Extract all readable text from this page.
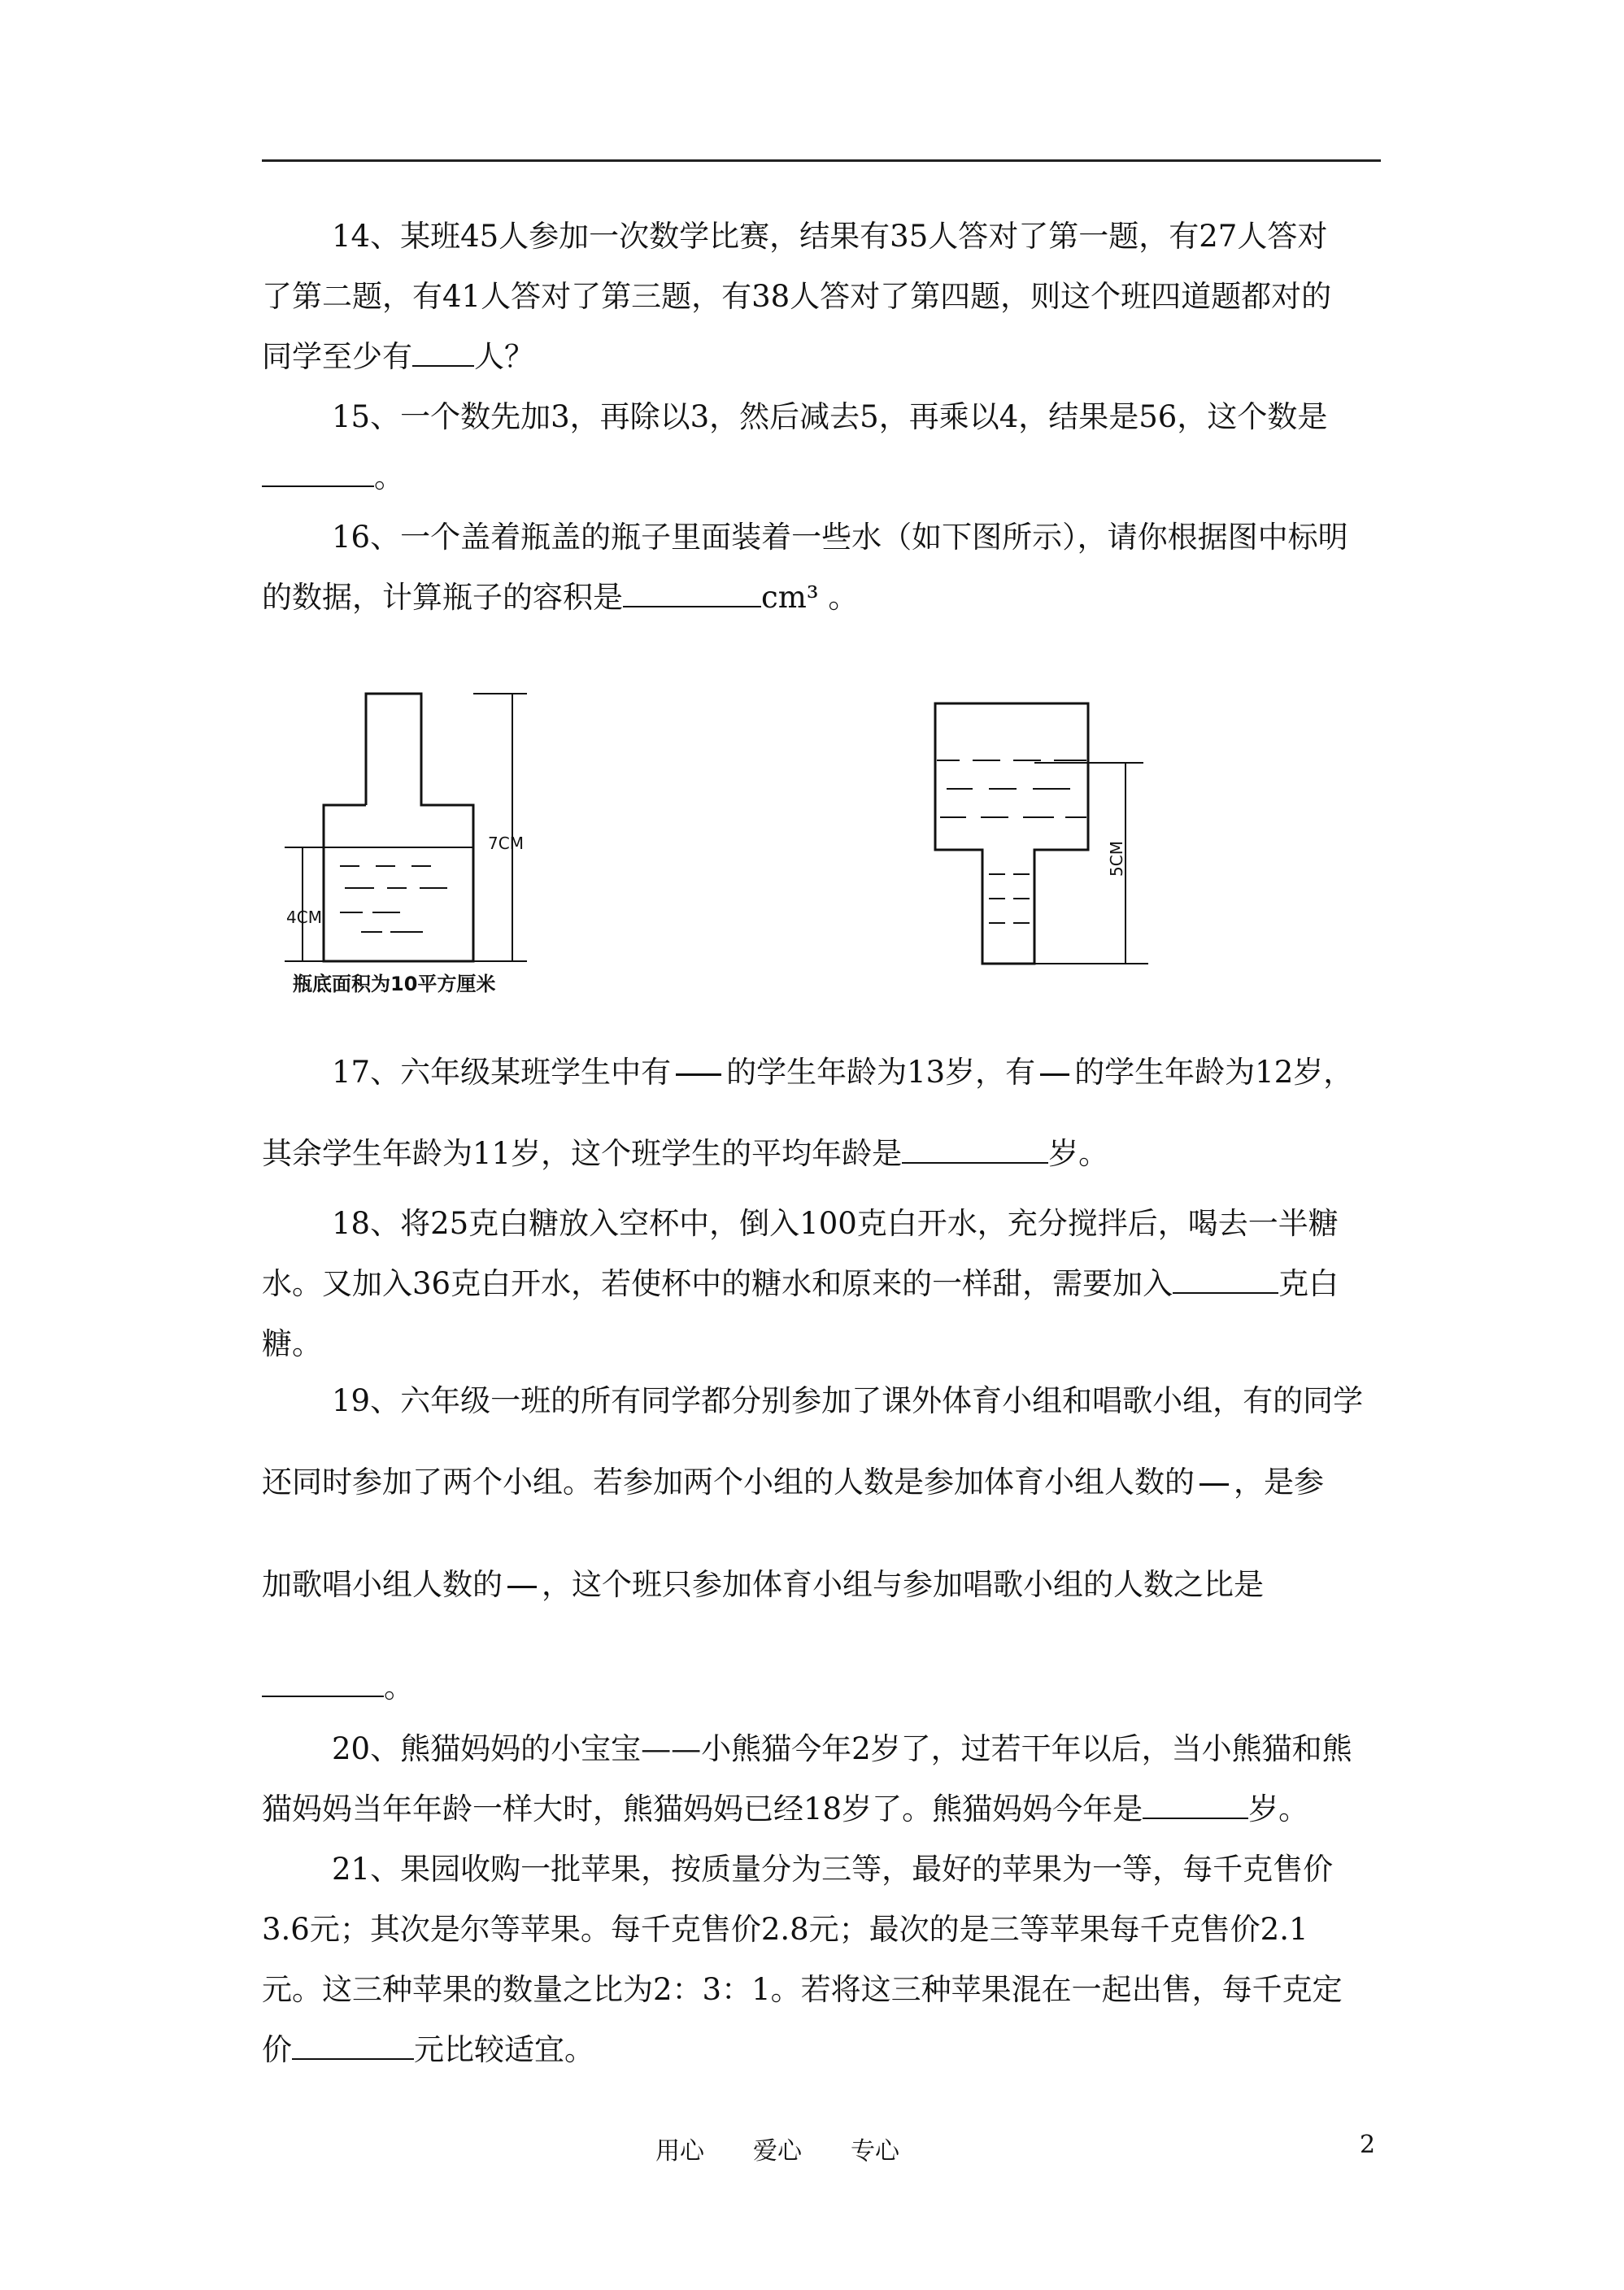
14、某班45人参加一次数学比赛，结果有35人答对了第一题，有27人答对

了第二题，有41人答对了第三题，有38人答对了第四题，则这个班四道题都对的

同学至少有 人？

15、一个数先加3，再除以3，然后减去5，再乘以4，结果是56，这个数是

。

16、一个盖着瓶盖的瓶子里面装着一些水（如下图所示），请你根据图中标明

的数据，计算瓶子的容积是	cm³ 。

7CM
4CM
瓶底面积为10平方厘米
5CM

17、六年级某班学生中有 的学生年龄为13岁，有 的学生年龄为12岁，

其余学生年龄为11岁，这个班学生的平均年龄是	岁。

18、将25克白糖放入空杯中，倒入100克白开水，充分搅拌后，喝去一半糖

水。又加入36克白开水，若使杯中的糖水和原来的一样甜，需要加入	克白

糖。

19、六年级一班的所有同学都分别参加了课外体育小组和唱歌小组，有的同学

还同时参加了两个小组。若参加两个小组的人数是参加体育小组人数的 ，是参

加歌唱小组人数的 ，这个班只参加体育小组与参加唱歌小组的人数之比是

。

20、熊猫妈妈的小宝宝——小熊猫今年2岁了，过若干年以后，当小熊猫和熊

猫妈妈当年年龄一样大时，熊猫妈妈已经18岁了。熊猫妈妈今年是	岁。

21、果园收购一批苹果，按质量分为三等，最好的苹果为一等，每千克售价

3.6元；其次是尔等苹果。每千克售价2.8元；最次的是三等苹果每千克售价2.1

元。这三种苹果的数量之比为2：3：1。若将这三种苹果混在一起出售，每千克定

价	元比较适宜。

用心　　爱心　　专心	2
